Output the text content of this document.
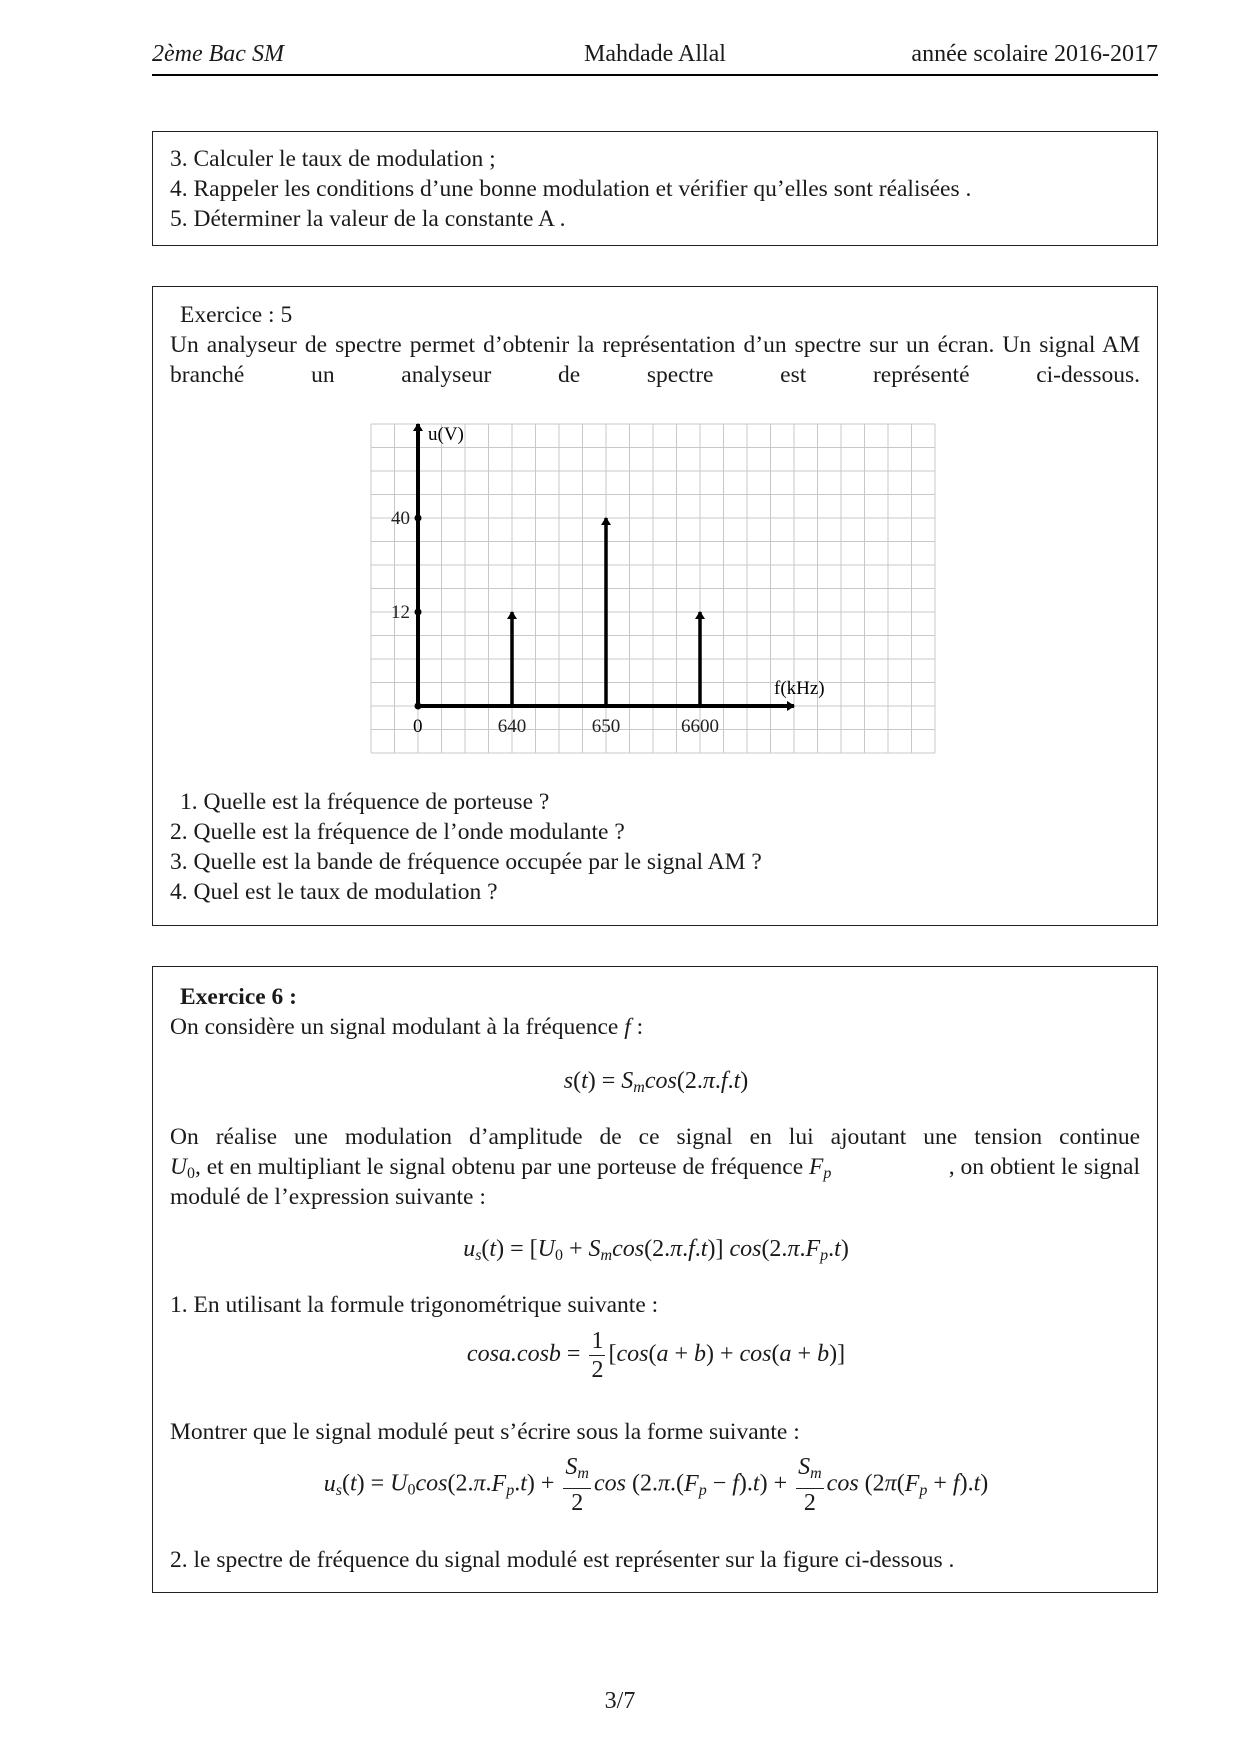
Mahdade Allal
2ème Bac SM	année scolaire 2016-2017
3. Calculer le taux de modulation ;
4. Rappeler les conditions d’une bonne modulation et vérifier qu’elles sont réalisées .
5. Déterminer la valeur de la constante A .
Exercice : 5
Un analyseur de spectre permet d’obtenir la représentation d’un spectre sur un écran. Un signal AM branché un analyseur de spectre est représenté ci-dessous.
12
40
640	650	6600
u(V)
f(kHz)
0
1. Quelle est la fréquence de porteuse ?
2. Quelle est la fréquence de l’onde modulante ?
3. Quelle est la bande de fréquence occupée par le signal AM ?
4. Quel est le taux de modulation ?
Exercice 6 :
On considère un signal modulant à la fréquence f :
$s(t) = S_m\cos(2.\pi.f.t)$
On réalise une modulation d’amplitude de ce signal en lui ajoutant une tension continue
$U_0$, et en multipliant le signal obtenu par une porteuse de fréquence $F_p$	, on obtient le signal
modulé de l’expression suivante :
$u_s(t) = [U_0 + S_m\cos(2.\pi.f.t)]$ $\cos(2.\pi.F_p.t)$
1. En utilisant la formule trigonométrique suivante :
$\cos a.\cos b = \frac{1}{2} [\cos(a + b) + \cos(a + b)]$
Montrer que le signal modulé peut s’écrire sous la forme suivante :
$u_s(t) = U_0\cos(2.\pi.F_p.t) + \frac{S_m}{2}$ $\cos (2.\pi.(F_p - f).t) + \frac{S_m}{2}$ $\cos (2\pi(F_p + f).t)$
2. le spectre de fréquence du signal modulé est représenter sur la figure ci-dessous .
3/7
